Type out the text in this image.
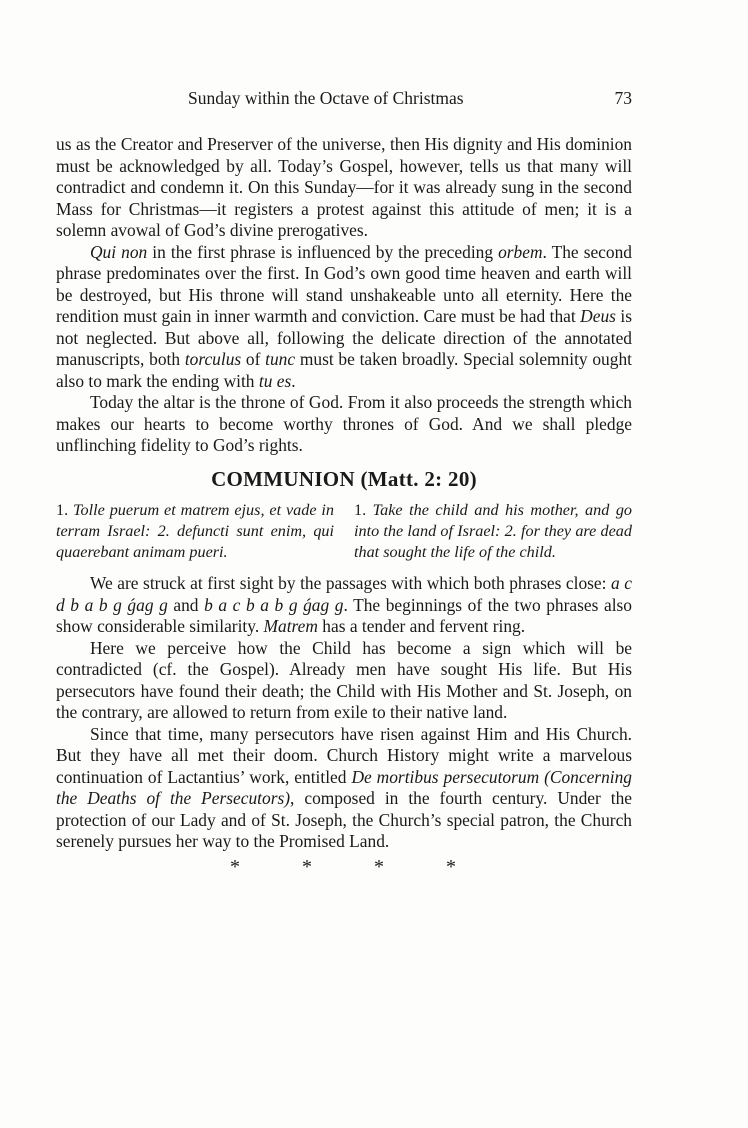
Sunday within the Octave of Christmas	73

us as the Creator and Preserver of the universe, then His dignity and His dominion must be acknowledged by all. Today’s Gospel, however, tells us that many will contradict and condemn it. On this Sunday—for it was already sung in the second Mass for Christmas—it registers a protest against this attitude of men; it is a solemn avowal of God’s divine prerogatives.

Qui non in the first phrase is influenced by the preceding orbem. The second phrase predominates over the first. In God’s own good time heaven and earth will be destroyed, but His throne will stand unshakeable unto all eternity. Here the rendition must gain in inner warmth and conviction. Care must be had that Deus is not neglected. But above all, following the delicate direction of the annotated manuscripts, both torculus of tunc must be taken broadly. Special solemnity ought also to mark the ending with tu es.

Today the altar is the throne of God. From it also proceeds the strength which makes our hearts to become worthy thrones of God. And we shall pledge unflinching fidelity to God’s rights.

COMMUNION (Matt. 2: 20)
1. Tolle puerum et matrem ejus, et vade in terram Israel: 2. defuncti sunt enim, qui quaerebant animam pueri.
1. Take the child and his mother, and go into the land of Israel: 2. for they are dead that sought the life of the child.

We are struck at first sight by the passages with which both phrases close: a c d b a b g ǵag g and b a c b a b g ǵag g. The beginnings of the two phrases also show considerable similarity. Matrem has a tender and fervent ring.

Here we perceive how the Child has become a sign which will be contradicted (cf. the Gospel). Already men have sought His life. But His persecutors have found their death; the Child with His Mother and St. Joseph, on the contrary, are allowed to return from exile to their native land.

Since that time, many persecutors have risen against Him and His Church. But they have all met their doom. Church History might write a marvelous continuation of Lactantius’ work, entitled De mortibus persecutorum (Concerning the Deaths of the Persecutors), composed in the fourth century. Under the protection of our Lady and of St. Joseph, the Church’s special patron, the Church serenely pursues her way to the Promised Land.

*	*	*	*
